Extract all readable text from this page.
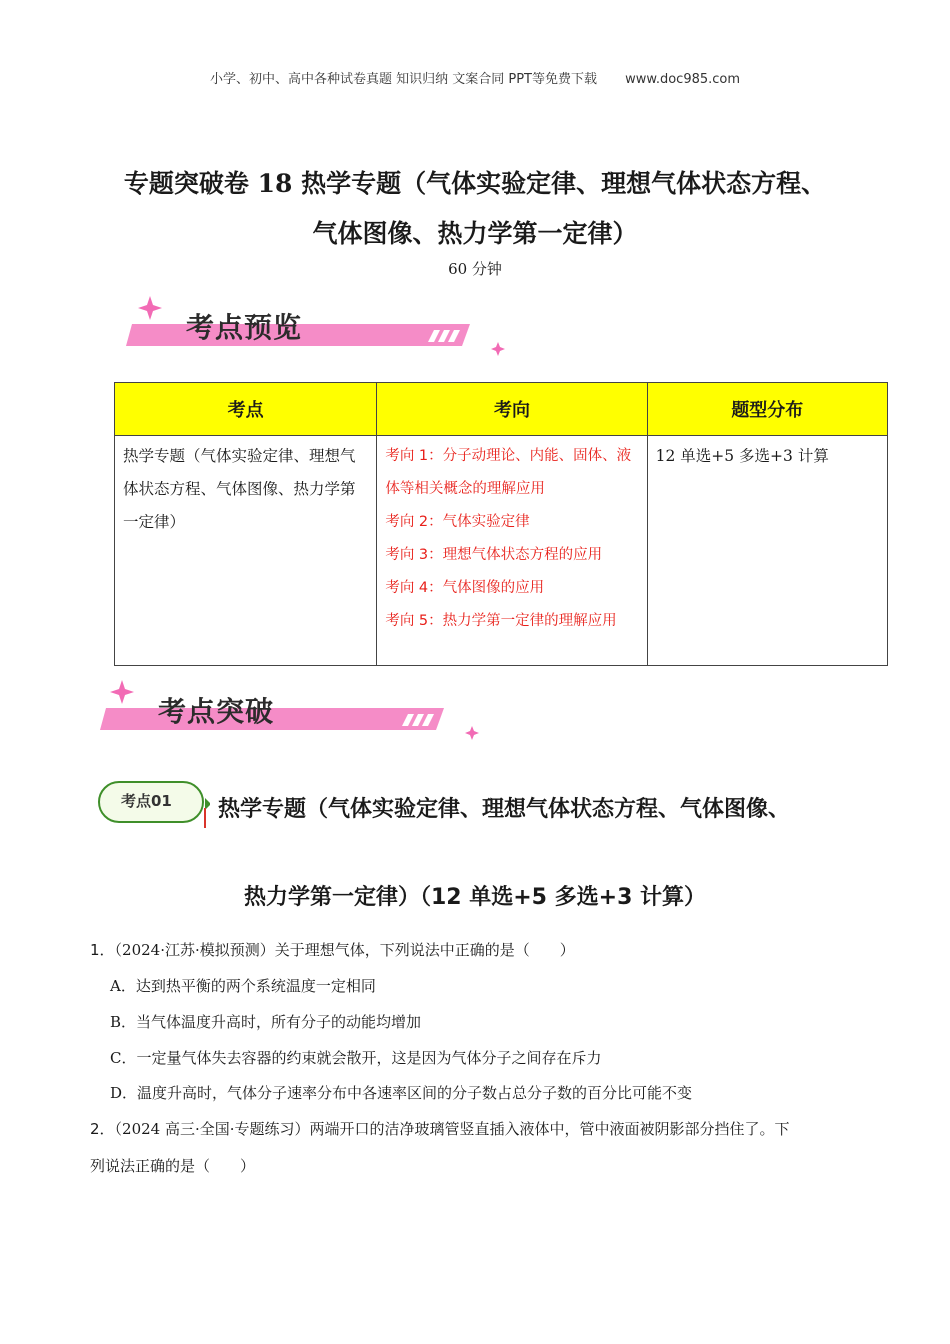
小学、初中、高中各种试卷真题 知识归纳 文案合同 PPT等免费下载 www.doc985.com
专题突破卷 18 热学专题（气体实验定律、理想气体状态方程、
气体图像、热力学第一定律）
60 分钟
考点预览
考点	考向	题型分布
热学专题（气体实验定律、理想气体状态方程、气体图像、热力学第一定律）	考向 1：分子动理论、内能、固体、液体等相关概念的理解应用
考向 2：气体实验定律
考向 3：理想气体状态方程的应用
考向 4：气体图像的应用
考向 5：热力学第一定律的理解应用	12 单选+5 多选+3 计算
考点突破
考点01 热学专题（气体实验定律、理想气体状态方程、气体图像、
热力学第一定律）（12 单选+5 多选+3 计算）
1．（2024·江苏·模拟预测）关于理想气体，下列说法中正确的是（　　）
A．达到热平衡的两个系统温度一定相同
B．当气体温度升高时，所有分子的动能均增加
C．一定量气体失去容器的约束就会散开，这是因为气体分子之间存在斥力
D．温度升高时，气体分子速率分布中各速率区间的分子数占总分子数的百分比可能不变
2．（2024 高三·全国·专题练习）两端开口的洁净玻璃管竖直插入液体中，管中液面被阴影部分挡住了。下
列说法正确的是（　　）
